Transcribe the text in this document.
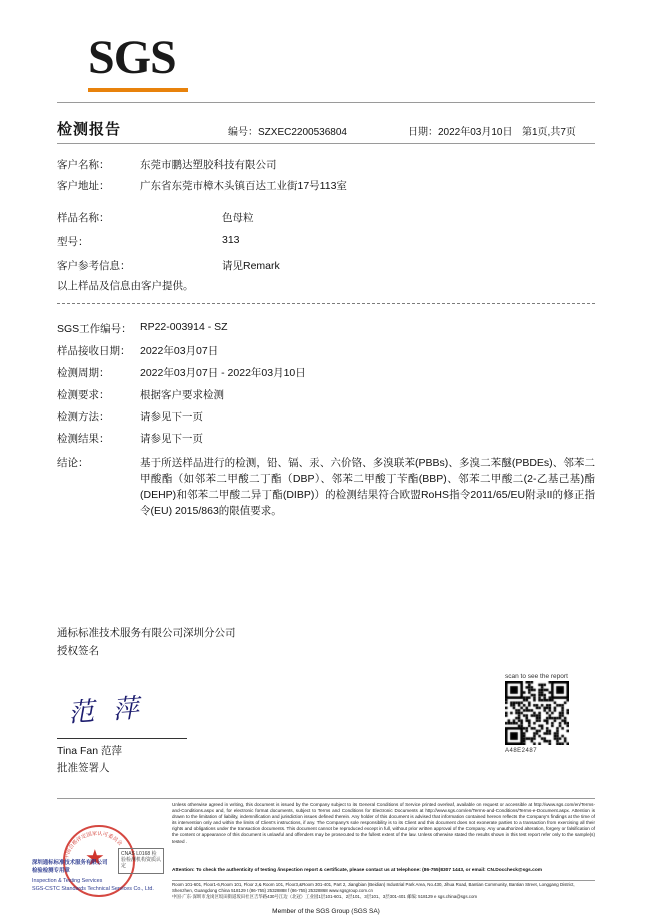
SGS
检测报告	编号：SZXEC2200536804	日期：2022年03月10日 第1页,共7页
客户名称：	东莞市鹏达塑胶科技有限公司
客户地址：	广东省东莞市樟木头镇百达工业街17号113室
样品名称：	色母粒
型号：	313
客户参考信息：	请见Remark
以上样品及信息由客户提供。
SGS工作编号： RP22-003914 - SZ
样品接收日期： 2022年03月07日
检测周期：	2022年03月07日 - 2022年03月10日
检测要求：	根据客户要求检测
检测方法：	请参见下一页
检测结果：	请参见下一页
结论：	基于所送样品进行的检测，铅、镉、汞、六价铬、多溴联苯(PBBs)、多溴二苯醚(PBDEs)、邻苯二甲酸酯（如邻苯二甲酸二丁酯（DBP）、邻苯二甲酸丁苄酯(BBP)、邻苯二甲酸二(2-乙基己基)酯(DEHP)和邻苯二甲酸二异丁酯(DIBP)）的检测结果符合欧盟RoHS指令2011/65/EU附录II的修正指令(EU) 2015/863的限值要求。
通标标准技术服务有限公司深圳分公司
授权签名
范 萍
Tina Fan 范萍
批准签署人
scan to see the report
A48E2487
Unless otherwise agreed in writing, this document is issued by the Company subject to its General Conditions of Service printed overleaf, available on request or accessible at http://www.sgs.com/en/Terms-and-Conditions.aspx and, for electronic format documents, subject to Terms and Conditions for Electronic Documents at http://www.sgs.com/en/Terms-and-Conditions/Terms-e-Document.aspx. Attention is drawn to the limitation of liability, indemnification and jurisdiction issues defined therein. Any holder of this document is advised that information contained hereon reflects the Company's findings at the time of its intervention only and within the limits of Client's instructions, if any. The Company's sole responsibility is to its Client and this document does not exonerate parties to a transaction from exercising all their rights and obligations under the transaction documents. This document cannot be reproduced except in full, without prior written approval of the Company. Any unauthorized alteration, forgery or falsification of the content or appearance of this document is unlawful and offenders may be prosecuted to the fullest extent of the law. Unless otherwise stated the results shown in this test report refer only to the sample(s) tested .
Attention: To check the authenticity of testing /inspection report & certificate, please contact us at telephone: (86-755)8307 1443, or email: CN.Doccheck@sgs.com
Room 101-601, Floor1-6,Room 101, Floor 2,& Room 101, Floor3,&Room 301-401, Part 2, Jiangbian (Beidian) Industrial Park Area, No.430, Jihua Road, Bantian Community, Bantian Street, Longgang District, Shenzhen, Guangdong China 518129 t (86-755) 25328888 f (86-755) 25328868 www.sgsgroup.com.cn
中国·广东·深圳市龙岗区坂田街道坂田社区吉华路430号江边（北冠）工业园1层101-601、2层101、3层101、3层301-401 邮编: 518129 e sgs.china@sgs.com
Member of the SGS Group (SGS SA)
★
中国合格评定国家认可委员会
深圳通标标准技术服务有限公司
检验检测专用章
Inspection & Testing Services
SGS-CSTC Standards Technical Services Co., Ltd.
CNAS L0168 检验检测机构资质认定
